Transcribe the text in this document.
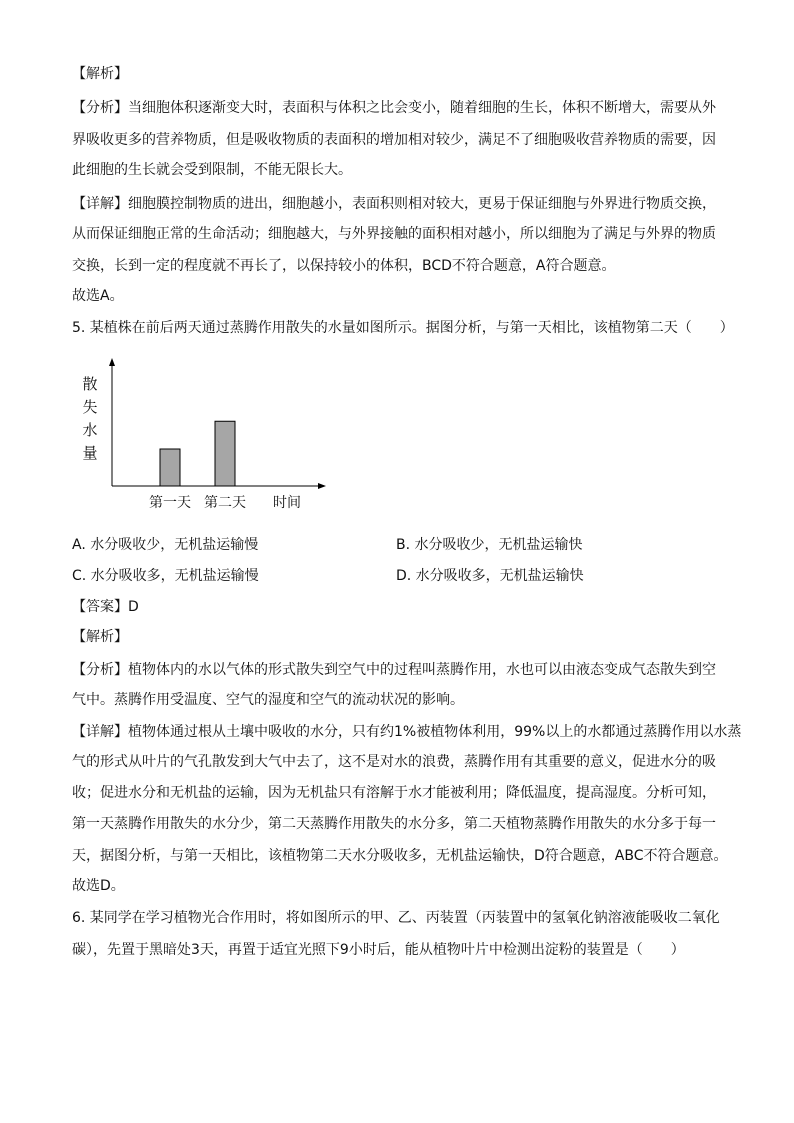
【解析】
【分析】当细胞体积逐渐变大时，表面积与体积之比会变小，随着细胞的生长，体积不断增大，需要从外
界吸收更多的营养物质，但是吸收物质的表面积的增加相对较少，满足不了细胞吸收营养物质的需要，因
此细胞的生长就会受到限制，不能无限长大。
【详解】细胞膜控制物质的进出，细胞越小，表面积则相对较大，更易于保证细胞与外界进行物质交换，
从而保证细胞正常的生命活动；细胞越大，与外界接触的面积相对越小，所以细胞为了满足与外界的物质
交换，长到一定的程度就不再长了，以保持较小的体积，BCD不符合题意，A符合题意。
故选A。
5. 某植株在前后两天通过蒸腾作用散失的水量如图所示。据图分析，与第一天相比，该植物第二天（　　）
散
失
水
量
第一天 第二天 时间
A. 水分吸收少，无机盐运输慢	B. 水分吸收少，无机盐运输快
C. 水分吸收多，无机盐运输慢	D. 水分吸收多，无机盐运输快
【答案】D
【解析】
【分析】植物体内的水以气体的形式散失到空气中的过程叫蒸腾作用，水也可以由液态变成气态散失到空
气中。蒸腾作用受温度、空气的湿度和空气的流动状况的影响。
【详解】植物体通过根从土壤中吸收的水分，只有约1%被植物体利用，99%以上的水都通过蒸腾作用以水蒸
气的形式从叶片的气孔散发到大气中去了，这不是对水的浪费，蒸腾作用有其重要的意义，促进水分的吸
收；促进水分和无机盐的运输，因为无机盐只有溶解于水才能被利用；降低温度，提高湿度。分析可知，
第一天蒸腾作用散失的水分少，第二天蒸腾作用散失的水分多，第二天植物蒸腾作用散失的水分多于每一
天，据图分析，与第一天相比，该植物第二天水分吸收多，无机盐运输快，D符合题意，ABC不符合题意。
故选D。
6. 某同学在学习植物光合作用时，将如图所示的甲、乙、丙装置（丙装置中的氢氧化钠溶液能吸收二氧化
碳），先置于黑暗处3天，再置于适宜光照下9小时后，能从植物叶片中检测出淀粉的装置是（　　）
